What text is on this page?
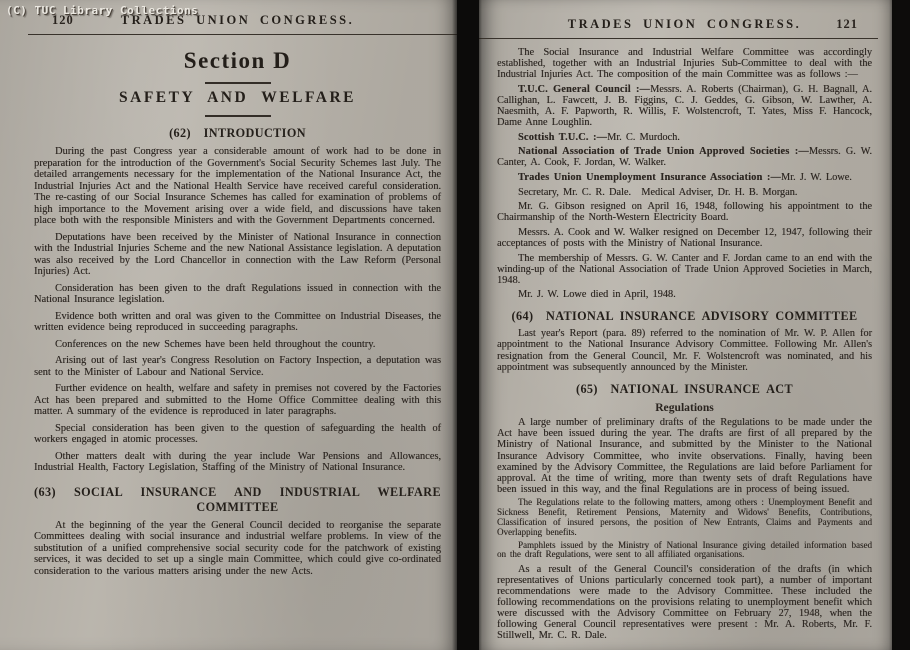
120	TRADES UNION CONGRESS.
Section D
SAFETY AND WELFARE
(62) INTRODUCTION

During the past Congress year a considerable amount of work had to be done in preparation for the introduction of the Government's Social Security Schemes last July. The detailed arrangements necessary for the implementation of the National Insurance Act, the Industrial Injuries Act and the National Health Service have received careful consideration. The re-casting of our Social Insurance Schemes has called for examination of problems of high importance to the Movement arising over a wide field, and discussions have taken place both with the responsible Ministers and with the Government Departments concerned.

Deputations have been received by the Minister of National Insurance in connection with the Industrial Injuries Scheme and the new National Assistance legislation. A deputation was also received by the Lord Chancellor in connection with the Law Reform (Personal Injuries) Act.

Consideration has been given to the draft Regulations issued in connection with the National Insurance legislation.

Evidence both written and oral was given to the Committee on Industrial Diseases, the written evidence being reproduced in succeeding paragraphs.

Conferences on the new Schemes have been held throughout the country.

Arising out of last year's Congress Resolution on Factory Inspection, a deputation was sent to the Minister of Labour and National Service.

Further evidence on health, welfare and safety in premises not covered by the Factories Act has been prepared and submitted to the Home Office Committee dealing with this matter. A summary of the evidence is reproduced in later paragraphs.

Special consideration has been given to the question of safeguarding the health of workers engaged in atomic processes.

Other matters dealt with during the year include War Pensions and Allowances, Industrial Health, Factory Legislation, Staffing of the Ministry of National Insurance.

(63) SOCIAL INSURANCE AND INDUSTRIAL WELFARE
COMMITTEE

At the beginning of the year the General Council decided to reorganise the separate Committees dealing with social insurance and industrial welfare problems. In view of the substitution of a unified comprehensive social security code for the patchwork of existing services, it was decided to set up a single main Committee, which could give co-ordinated consideration to the various matters arising under the new Acts.

121
TRADES UNION CONGRESS.

The Social Insurance and Industrial Welfare Committee was accordingly established, together with an Industrial Injuries Sub-Committee to deal with the Industrial Injuries Act. The composition of the main Committee was as follows :—

T.U.C. General Council :—Messrs. A. Roberts (Chairman), G. H. Bagnall, A. Callighan, L. Fawcett, J. B. Figgins, C. J. Geddes, G. Gibson, W. Lawther, A. Naesmith, A. F. Papworth, R. Willis, F. Wolstencroft, T. Yates, Miss F. Hancock, Dame Anne Loughlin.

Scottish T.U.C. :—Mr. C. Murdoch.

National Association of Trade Union Approved Societies :—Messrs. G. W. Canter, A. Cook, F. Jordan, W. Walker.

Trades Union Unemployment Insurance Association :—Mr. J. W. Lowe.

Secretary, Mr. C. R. Dale. Medical Adviser, Dr. H. B. Morgan.

Mr. G. Gibson resigned on April 16, 1948, following his appointment to the Chairmanship of the North-Western Electricity Board.

Messrs. A. Cook and W. Walker resigned on December 12, 1947, following their acceptances of posts with the Ministry of National Insurance.

The membership of Messrs. G. W. Canter and F. Jordan came to an end with the winding-up of the National Association of Trade Union Approved Societies in March, 1948.

Mr. J. W. Lowe died in April, 1948.

(64) NATIONAL INSURANCE ADVISORY COMMITTEE

Last year's Report (para. 89) referred to the nomination of Mr. W. P. Allen for appointment to the National Insurance Advisory Committee. Following Mr. Allen's resignation from the General Council, Mr. F. Wolstencroft was nominated, and his appointment was subsequently announced by the Minister.

(65) NATIONAL INSURANCE ACT
Regulations

A large number of preliminary drafts of the Regulations to be made under the Act have been issued during the year. The drafts are first of all prepared by the Ministry of National Insurance, and submitted by the Minister to the National Insurance Advisory Committee, who invite observations. Finally, having been examined by the Advisory Committee, the Regulations are laid before Parliament for approval. At the time of writing, more than twenty sets of draft Regulations have been issued in this way, and the final Regulations are in process of being issued.

The Regulations relate to the following matters, among others : Unemployment Benefit and Sickness Benefit, Retirement Pensions, Maternity and Widows' Benefits, Contributions, Classification of insured persons, the position of New Entrants, Claims and Payments and Overlapping benefits.

Pamphlets issued by the Ministry of National Insurance giving detailed information based on the draft Regulations, were sent to all affiliated organisations.

As a result of the General Council's consideration of the drafts (in which representatives of Unions particularly concerned took part), a number of important recommendations were made to the Advisory Committee. These included the following recommendations on the provisions relating to unemployment benefit which were discussed with the Advisory Committee on February 27, 1948, when the following General Council representatives were present : Mr. A. Roberts, Mr. F. Stillwell, Mr. C. R. Dale.

(C) TUC Library Collections
